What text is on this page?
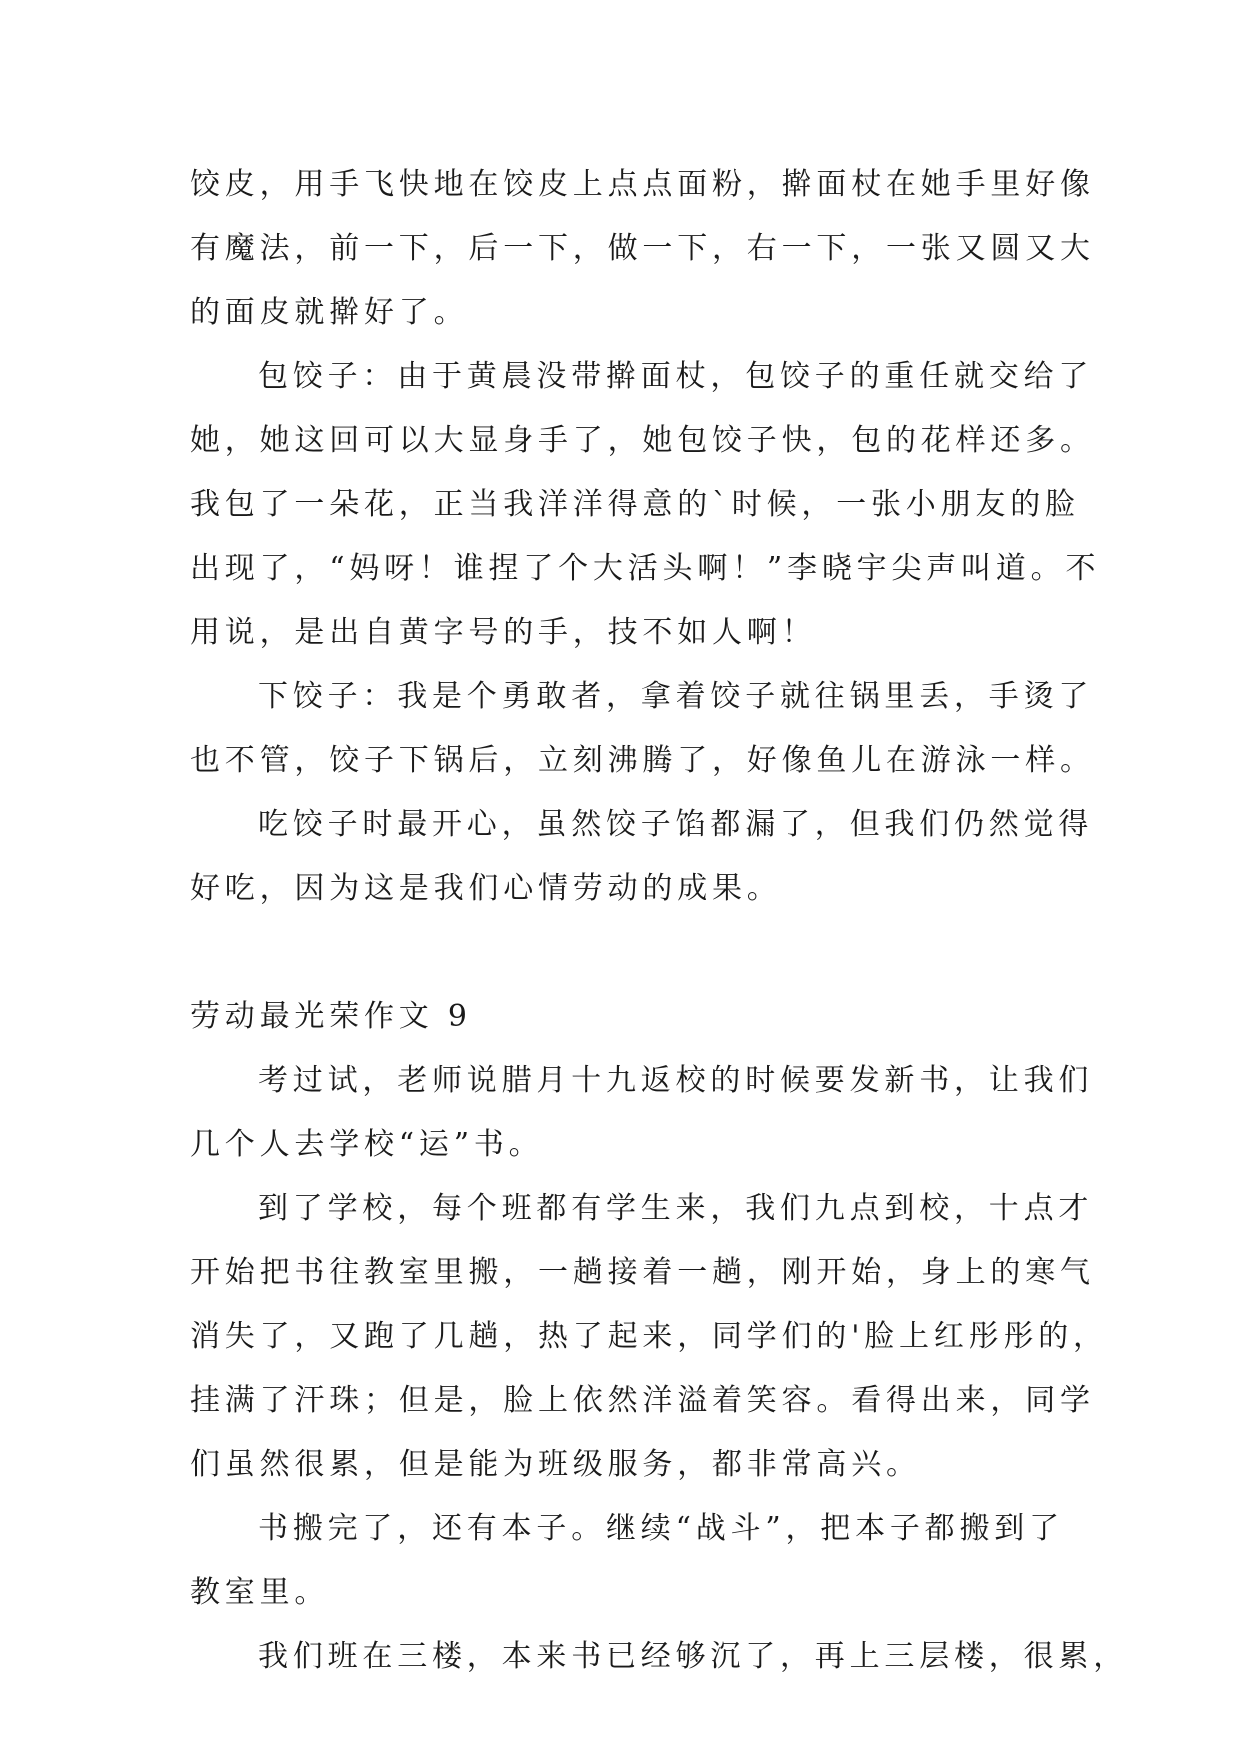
饺皮，用手飞快地在饺皮上点点面粉，擀面杖在她手里好像
有魔法，前一下，后一下，做一下，右一下，一张又圆又大
的面皮就擀好了。
包饺子：由于黄晨没带擀面杖，包饺子的重任就交给了
她，她这回可以大显身手了，她包饺子快，包的花样还多。
我包了一朵花，正当我洋洋得意的`时候，一张小朋友的脸
出现了，“妈呀！谁捏了个大活头啊！”李晓宇尖声叫道。不
用说，是出自黄字号的手，技不如人啊！
下饺子：我是个勇敢者，拿着饺子就往锅里丢，手烫了
也不管，饺子下锅后，立刻沸腾了，好像鱼儿在游泳一样。
吃饺子时最开心，虽然饺子馅都漏了，但我们仍然觉得
好吃，因为这是我们心情劳动的成果。
劳动最光荣作文 9
考过试，老师说腊月十九返校的时候要发新书，让我们
几个人去学校“运”书。
到了学校，每个班都有学生来，我们九点到校，十点才
开始把书往教室里搬，一趟接着一趟，刚开始，身上的寒气
消失了，又跑了几趟，热了起来，同学们的'脸上红彤彤的，
挂满了汗珠；但是，脸上依然洋溢着笑容。看得出来，同学
们虽然很累，但是能为班级服务，都非常高兴。
书搬完了，还有本子。继续“战斗”，把本子都搬到了
教室里。
我们班在三楼，本来书已经够沉了，再上三层楼，很累，
